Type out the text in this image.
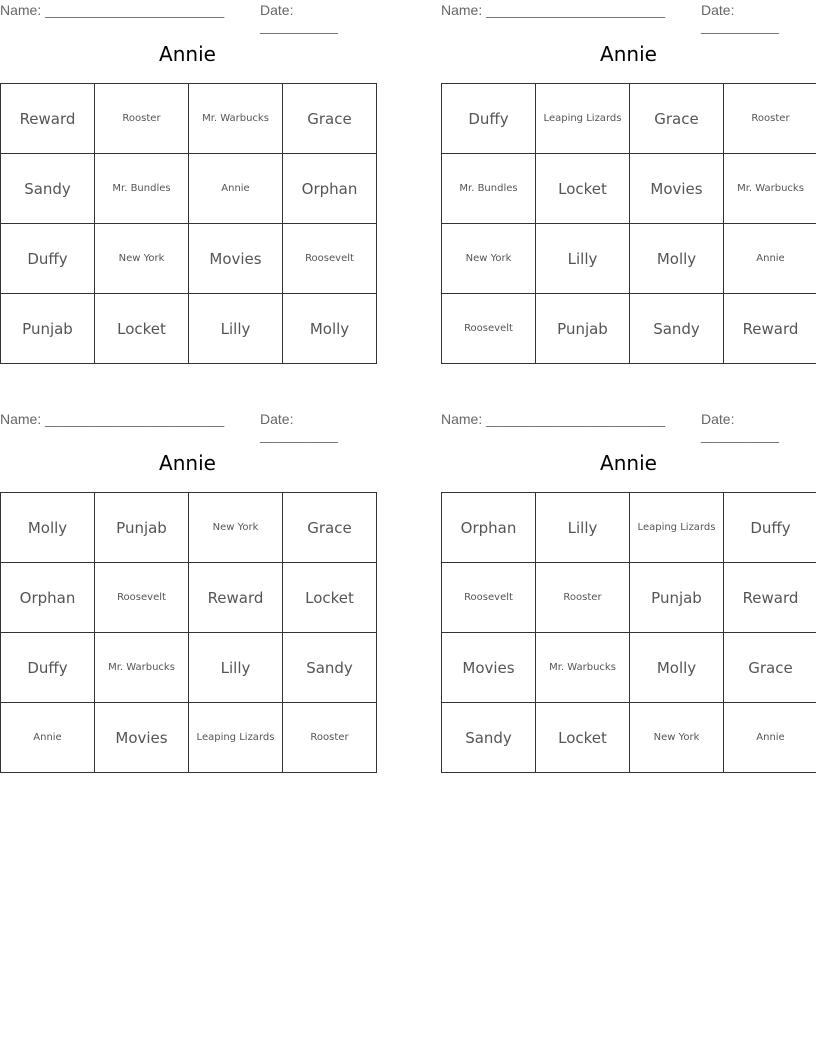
Name: _______________________	Date: __________
Annie
Reward	Rooster	Mr. Warbucks	Grace
Sandy	Mr. Bundles	Annie	Orphan
Duffy	New York	Movies	Roosevelt
Punjab	Locket	Lilly	Molly
Name: _______________________	Date: __________
Annie
Duffy	Leaping Lizards	Grace	Rooster
Mr. Bundles	Locket	Movies	Mr. Warbucks
New York	Lilly	Molly	Annie
Roosevelt	Punjab	Sandy	Reward
Name: _______________________	Date: __________
Annie
Molly	Punjab	New York	Grace
Orphan	Roosevelt	Reward	Locket
Duffy	Mr. Warbucks	Lilly	Sandy
Annie	Movies	Leaping Lizards	Rooster
Name: _______________________	Date: __________
Annie
Orphan	Lilly	Leaping Lizards	Duffy
Roosevelt	Rooster	Punjab	Reward
Movies	Mr. Warbucks	Molly	Grace
Sandy	Locket	New York	Annie
